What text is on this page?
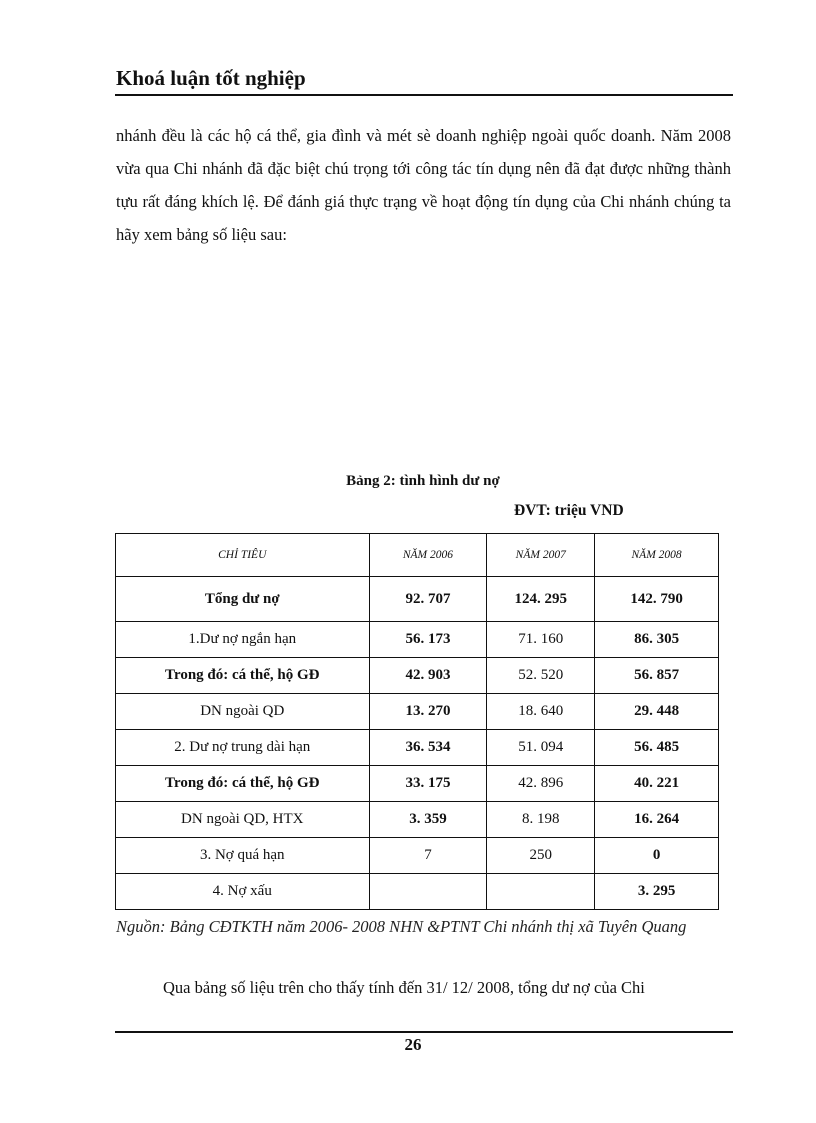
Khoá luận tốt nghiệp

nhánh đều là các hộ cá thể, gia đình và mét sè doanh nghiệp ngoài quốc doanh. Năm 2008 vừa qua Chi nhánh đã đặc biệt chú trọng tới công tác tín dụng nên đã đạt được những thành tựu rất đáng khích lệ. Để đánh giá thực trạng về hoạt động tín dụng của Chi nhánh chúng ta hãy xem bảng số liệu sau:

Bảng 2: tình hình dư nợ

ĐVT: triệu VND

CHỈ TIÊU	NĂM 2006	NĂM 2007	NĂM 2008
Tổng dư nợ	92. 707	124. 295	142. 790
1.Dư nợ ngắn hạn	56. 173	71. 160	86. 305
Trong đó: cá thể, hộ GĐ	42. 903	52. 520	56. 857
DN ngoài QD	13. 270	18. 640	29. 448
2. Dư nợ trung dài hạn	36. 534	51. 094	56. 485
Trong đó: cá thể, hộ GĐ	33. 175	42. 896	40. 221
DN ngoài QD, HTX	3. 359	8. 198	16. 264
3. Nợ quá hạn	7	250	0
4. Nợ xấu			3. 295

Nguồn: Bảng CĐTKTH năm 2006- 2008 NHN &PTNT Chi nhánh thị xã Tuyên Quang

Qua bảng số liệu trên cho thấy tính đến 31/ 12/ 2008, tổng dư nợ của Chi

26
